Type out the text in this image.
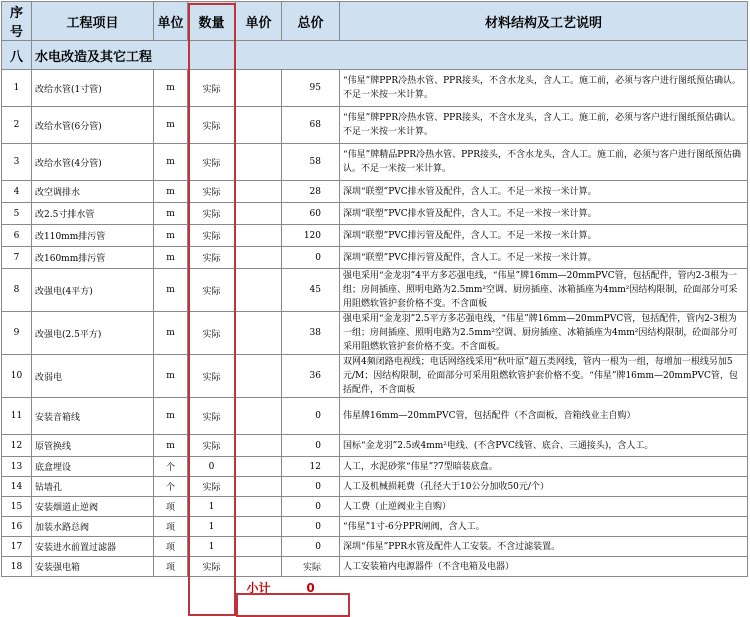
序号	工程项目	单位	数量	单价	总价	材料结构及工艺说明
八	水电改造及其它工程					
1	改给水管(1寸管)	m	实际		95	“伟星”牌PPR冷热水管、PPR接头，不含水龙头，含人工。施工前，必须与客户进行图纸预估确认。不足一米按一米计算。
2	改给水管(6分管)	m	实际		68	“伟星”牌PPR冷热水管、PPR接头，不含水龙头，含人工。施工前，必须与客户进行图纸预估确认。不足一米按一米计算。
3	改给水管(4分管)	m	实际		58	“伟星”牌精品PPR冷热水管、PPR接头，不含水龙头，含人工。施工前，必须与客户进行图纸预估确认。不足一米按一米计算。
4	改空调排水	m	实际		28	深圳“联塑”PVC排水管及配件，含人工。不足一米按一米计算。
5	改2.5寸排水管	m	实际		60	深圳“联塑”PVC排水管及配件，含人工。不足一米按一米计算。
6	改110mm排污管	m	实际		120	深圳“联塑”PVC排污管及配件，含人工。不足一米按一米计算。
7	改160mm排污管	m	实际		0	深圳“联塑”PVC排污管及配件，含人工。不足一米按一米计算。
8	改强电(4平方)	m	实际		45	强电采用“金龙羽”4平方多芯强电线，“伟星”牌16mm—20mmPVC管，包括配件，管内2-3根为一组；房间插座、照明电路为2.5mm²空调、厨房插座、冰箱插座为4mm²因结构限制，砼面部分可采用阻燃软管护套价格不变。不含面板
9	改强电(2.5平方)	m	实际		38	强电采用“金龙羽”2.5平方多芯强电线，“伟星”牌16mm—20mmPVC管，包括配件，管内2-3根为一组；房间插座、照明电路为2.5mm²空调、厨房插座、冰箱插座为4mm²因结构限制，砼面部分可采用阻燃软管护套价格不变。不含面板。
10	改弱电	m	实际		36	双网4频闭路电视线；电话网络线采用“秋叶原”超五类网线，管内一根为一组，每增加一根线另加5元/M；因结构限制，砼面部分可采用阻燃软管护套价格不变。“伟星”牌16mm—20mmPVC管，包括配件，不含面板
11	安装音箱线	m	实际		0	伟星牌16mm—20mmPVC管，包括配件（不含面板，音箱线业主自购）
12	原管换线	m	实际		0	国标“金龙羽”2.5或4mm²电线、(不含PVC线管、底合、三通接头)，含人工。
13	底盒埋设	个	0		12	人工，水泥砂浆“伟星”?7型暗装底盒。
14	钻墙孔	个	实际		0	人工及机械损耗费（孔径大于10公分加收50元/个）
15	安装烟道止逆阀	项	1		0	人工费（止逆阀业主自购）
16	加装水路总阀	项	1		0	“伟星”1寸-6分PPR闸阀，含人工。
17	安装进水前置过滤器	项	1		0	深圳“伟星”PPR水管及配件人工安装。不含过滤装置。
18	安装强电箱	项	实际		实际	人工安装箱内电源器件（不含电箱及电器）
				小计	0	
